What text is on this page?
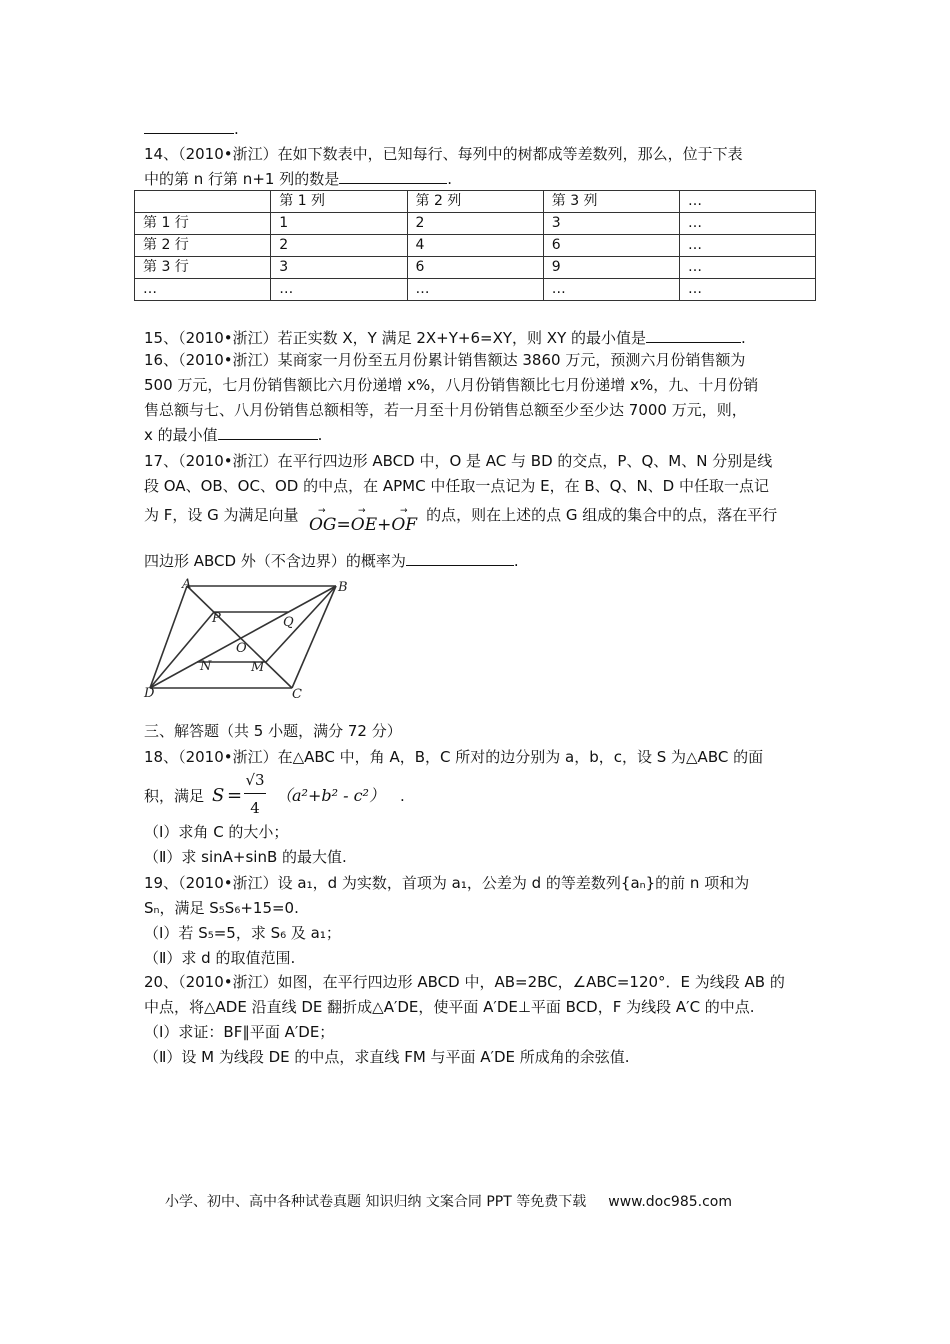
.
14、（2010•浙江）在如下数表中，已知每行、每列中的树都成等差数列，那么，位于下表
中的第 n 行第 n+1 列的数是	.
	第 1 列	第 2 列	第 3 列	…
第 1 行	1	2	3	…
第 2 行	2	4	6	…
第 3 行	3	6	9	…
…	…	…	…	…
15、（2010•浙江）若正实数 X，Y 满足 2X+Y+6=XY，则 XY 的最小值是	.
16、（2010•浙江）某商家一月份至五月份累计销售额达 3860 万元，预测六月份销售额为
500 万元，七月份销售额比六月份递增 x%，八月份销售额比七月份递增 x%，九、十月份销
售总额与七、八月份销售总额相等，若一月至十月份销售总额至少至少达 7000 万元，则，
x 的最小值	.
17、（2010•浙江）在平行四边形 ABCD 中，O 是 AC 与 BD 的交点，P、Q、M、N 分别是线
段 OA、OB、OC、OD 的中点，在 APMC 中任取一点记为 E，在 B、Q、N、D 中任取一点记
为 F，设 G 为满足向量	的点，则在上述的点 G 组成的集合中的点，落在平行
→	→	→
OG=OE+OF
四边形 ABCD 外（不含边界）的概率为	.
A	B
C
D
P	Q
M
N
O
三、解答题（共 5 小题，满分 72 分）
18、（2010•浙江）在△ABC 中，角 A，B，C 所对的边分别为 a，b，c，设 S 为△ABC 的面
积，满足 S =
√3
4
（a²+b² - c²） .
（Ⅰ）求角 C 的大小；
（Ⅱ）求 sinA+sinB 的最大值.
19、（2010•浙江）设 a₁，d 为实数，首项为 a₁，公差为 d 的等差数列{aₙ}的前 n 项和为
Sₙ，满足 S₅S₆+15=0.
（Ⅰ）若 S₅=5，求 S₆ 及 a₁；
（Ⅱ）求 d 的取值范围.
20、（2010•浙江）如图，在平行四边形 ABCD 中，AB=2BC，∠ABC=120°．E 为线段 AB 的
中点，将△ADE 沿直线 DE 翻折成△A′DE，使平面 A′DE⊥平面 BCD，F 为线段 A′C 的中点.
（Ⅰ）求证：BF∥平面 A′DE；
（Ⅱ）设 M 为线段 DE 的中点，求直线 FM 与平面 A′DE 所成角的余弦值.
小学、初中、高中各种试卷真题 知识归纳 文案合同 PPT 等免费下载 www.doc985.com
